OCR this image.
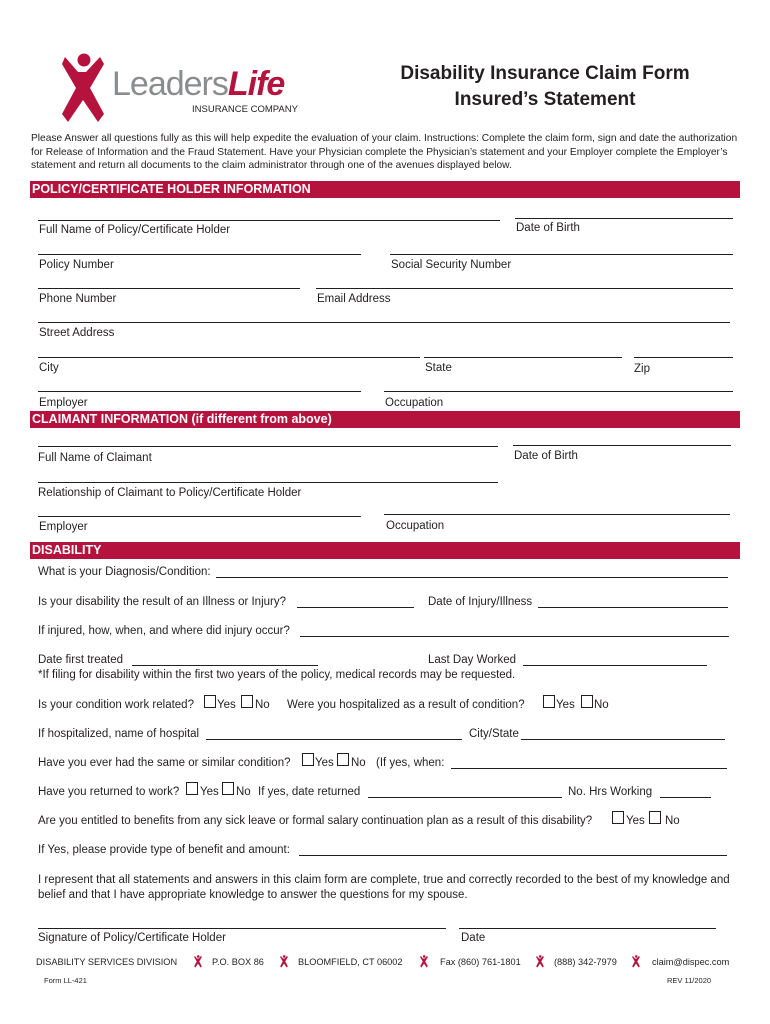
LeadersLife
INSURANCE COMPANY
Disability Insurance Claim Form
Insured’s Statement
Please Answer all questions fully as this will help expedite the evaluation of your claim. Instructions: Complete the claim form, sign and date the authorization for Release of Information and the Fraud Statement. Have your Physician complete the Physician’s statement and your Employer complete the Employer’s statement and return all documents to the claim administrator through one of the avenues displayed below.
POLICY/CERTIFICATE HOLDER INFORMATION
Full Name of Policy/Certificate Holder	Date of Birth
Policy Number	Social Security Number
Phone Number	Email Address
Street Address
City	State	Zip
Employer	Occupation
CLAIMANT INFORMATION (if different from above)
Full Name of Claimant	Date of Birth
Relationship of Claimant to Policy/Certificate Holder
Employer	Occupation
DISABILITY
What is your Diagnosis/Condition:
Is your disability the result of an Illness or Injury?	Date of Injury/Illness
If injured, how, when, and where did injury occur?
Date first treated	Last Day Worked
*If filing for disability within the first two years of the policy, medical records may be requested.
Is your condition work related? Yes No Were you hospitalized as a result of condition?	Yes No
If hospitalized, name of hospital	City/State
Have you ever had the same or similar condition? Yes No (If yes, when:
Have you returned to work? Yes No If yes, date returned	No. Hrs Working
Are you entitled to benefits from any sick leave or formal salary continuation plan as a result of this disability?	Yes No
If Yes, please provide type of benefit and amount:
I represent that all statements and answers in this claim form are complete, true and correctly recorded to the best of my knowledge and belief and that I have appropriate knowledge to answer the questions for my spouse.
Signature of Policy/Certificate Holder	Date
DISABILITY SERVICES DIVISION	P.O. BOX 86	BLOOMFIELD, CT 06002	Fax (860) 761-1801	(888) 342-7979	claim@dispec.com
Form LL-421	REV 11/2020
